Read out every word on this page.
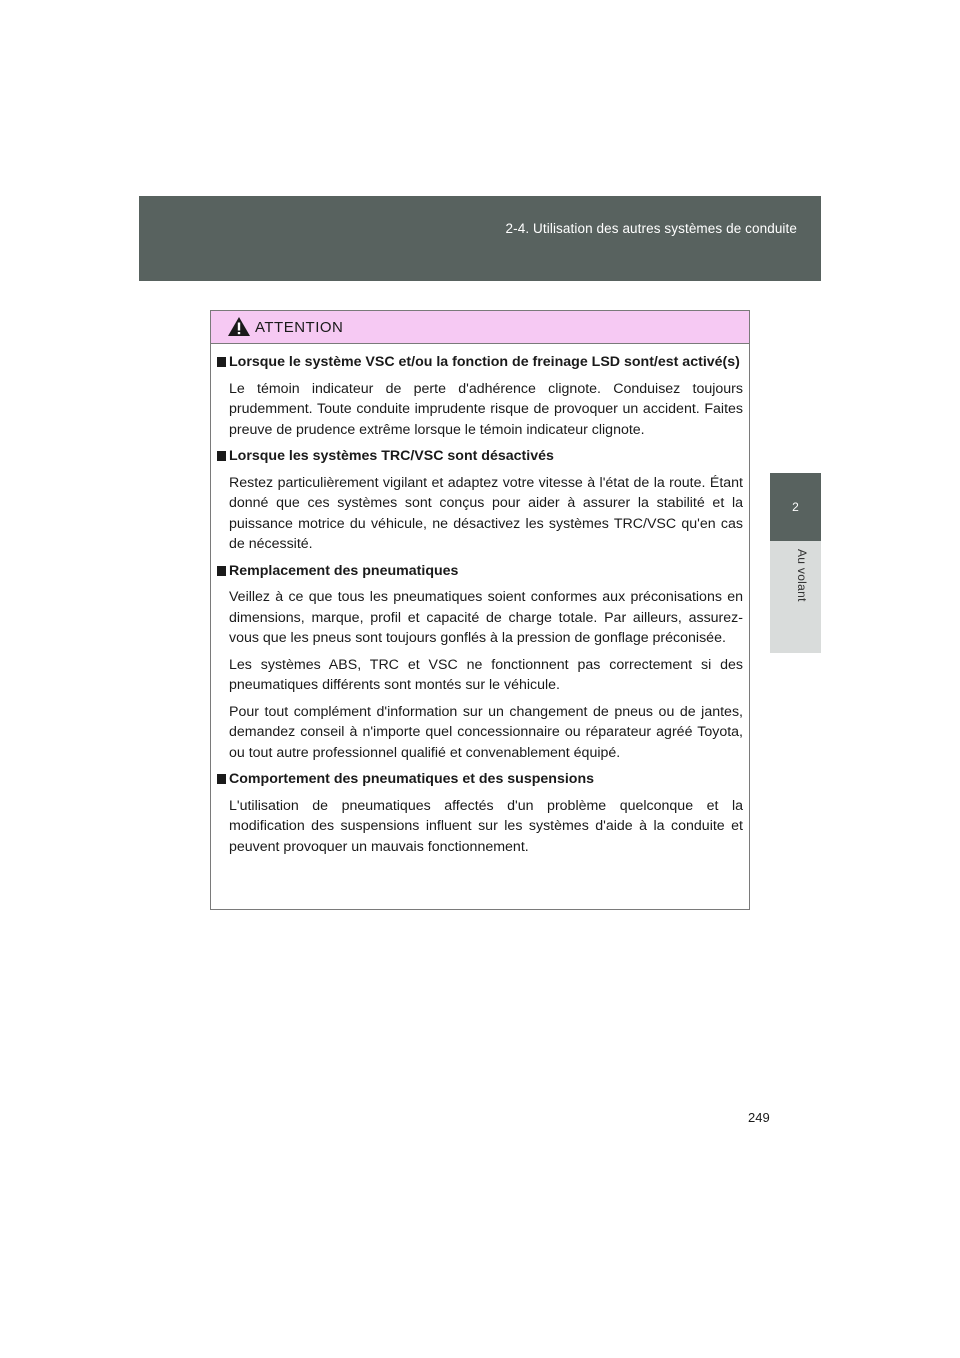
2-4. Utilisation des autres systèmes de conduite
2
Au volant
ATTENTION
Lorsque le système VSC et/ou la fonction de freinage LSD sont/est activé(s)
Le témoin indicateur de perte d'adhérence clignote. Conduisez toujours prudemment. Toute conduite imprudente risque de provoquer un accident. Faites preuve de prudence extrême lorsque le témoin indicateur clignote.
Lorsque les systèmes TRC/VSC sont désactivés
Restez particulièrement vigilant et adaptez votre vitesse à l'état de la route. Étant donné que ces systèmes sont conçus pour aider à assurer la stabilité et la puissance motrice du véhicule, ne désactivez les systèmes TRC/VSC qu'en cas de nécessité.
Remplacement des pneumatiques
Veillez à ce que tous les pneumatiques soient conformes aux préconisations en dimensions, marque, profil et capacité de charge totale. Par ailleurs, assurez-vous que les pneus sont toujours gonflés à la pression de gonflage préconisée.
Les systèmes ABS, TRC et VSC ne fonctionnent pas correctement si des pneumatiques différents sont montés sur le véhicule.
Pour tout complément d'information sur un changement de pneus ou de jantes, demandez conseil à n'importe quel concessionnaire ou réparateur agréé Toyota, ou tout autre professionnel qualifié et convenablement équipé.
Comportement des pneumatiques et des suspensions
L'utilisation de pneumatiques affectés d'un problème quelconque et la modification des suspensions influent sur les systèmes d'aide à la conduite et peuvent provoquer un mauvais fonctionnement.
249
